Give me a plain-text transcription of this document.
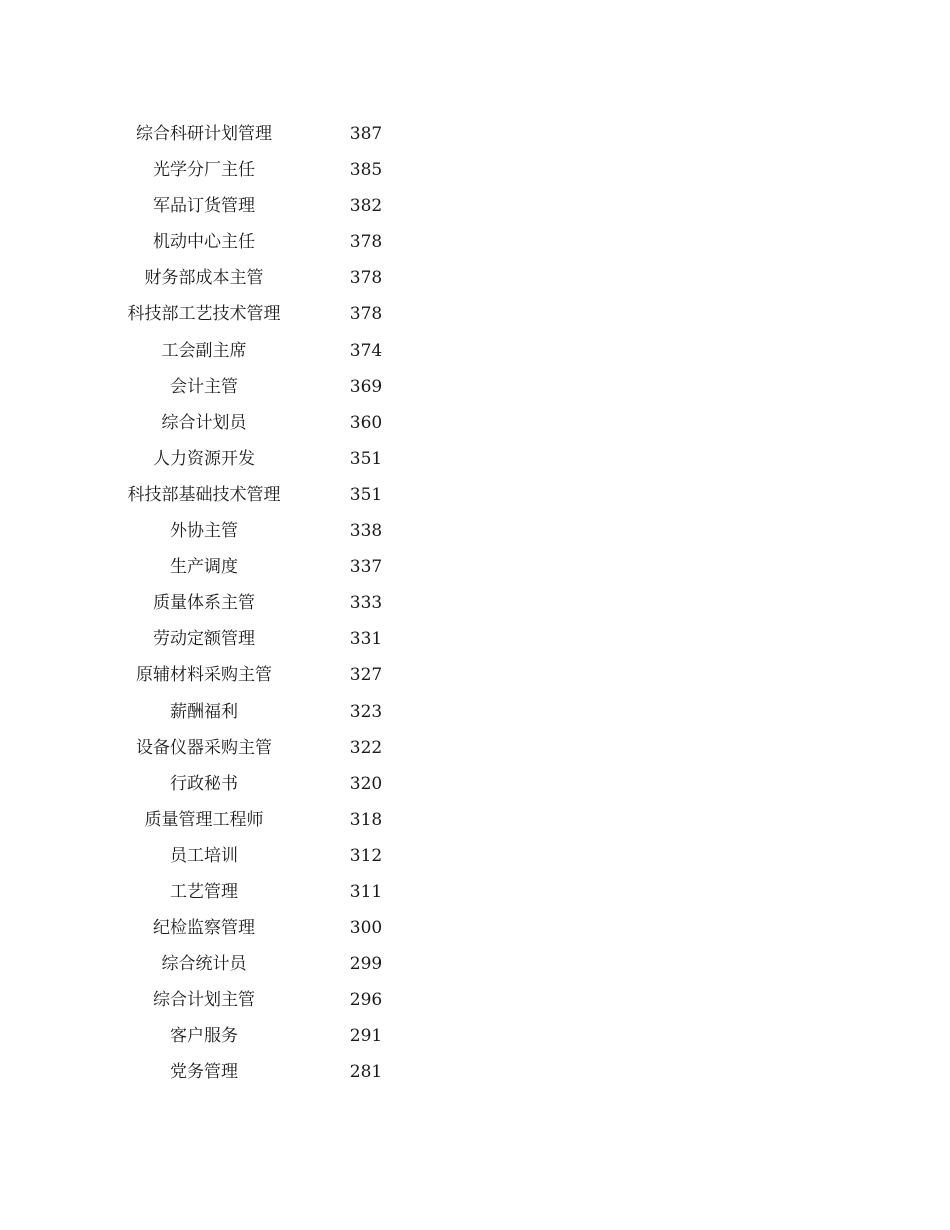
综合科研计划管理	387
光学分厂主任	385
军品订货管理	382
机动中心主任	378
财务部成本主管	378
科技部工艺技术管理	378
工会副主席	374
会计主管	369
综合计划员	360
人力资源开发	351
科技部基础技术管理	351
外协主管	338
生产调度	337
质量体系主管	333
劳动定额管理	331
原辅材料采购主管	327
薪酬福利	323
设备仪器采购主管	322
行政秘书	320
质量管理工程师	318
员工培训	312
工艺管理	311
纪检监察管理	300
综合统计员	299
综合计划主管	296
客户服务	291
党务管理	281
